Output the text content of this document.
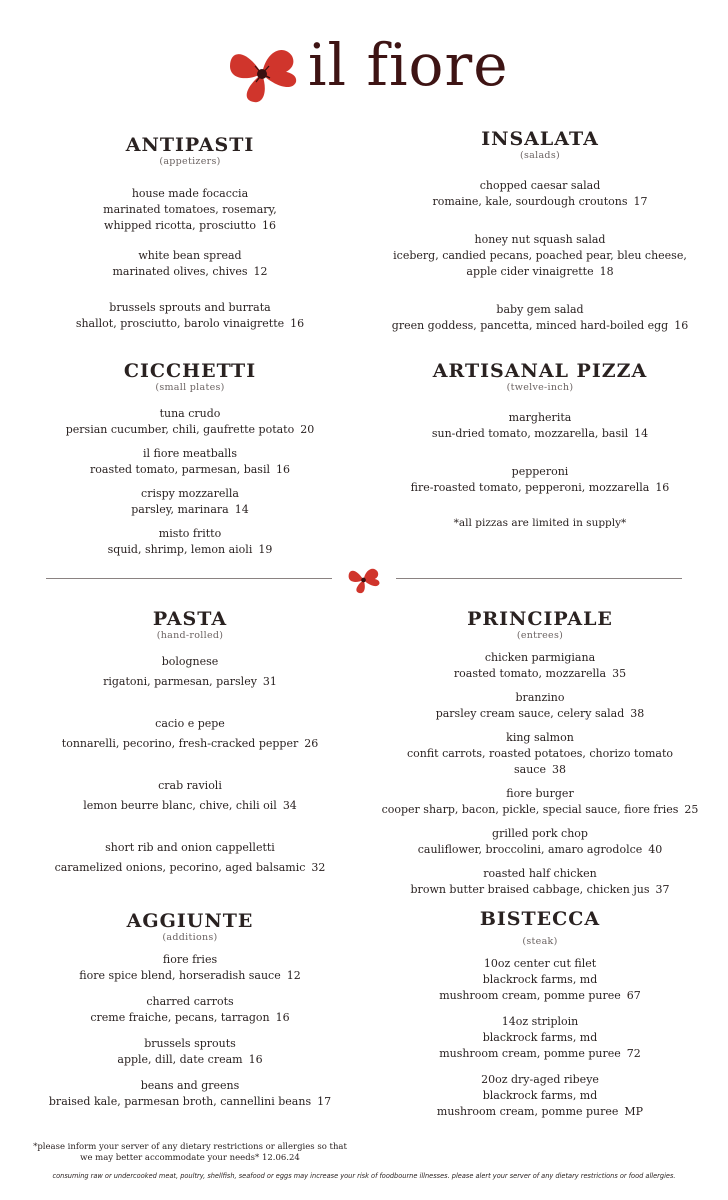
il fiore
ANTIPASTI
(appetizers)
house made focaccia
marinated tomatoes, rosemary,
whipped ricotta, prosciutto 16
white bean spread
marinated olives, chives 12
brussels sprouts and burrata
shallot, prosciutto, barolo vinaigrette 16
INSALATA
(salads)
chopped caesar salad
romaine, kale, sourdough croutons 17
honey nut squash salad
iceberg, candied pecans, poached pear, bleu cheese,
apple cider vinaigrette 18
baby gem salad
green goddess, pancetta, minced hard-boiled egg 16
CICCHETTI
(small plates)
tuna crudo
persian cucumber, chili, gaufrette potato 20
il fiore meatballs
roasted tomato, parmesan, basil 16
crispy mozzarella
parsley, marinara 14
misto fritto
squid, shrimp, lemon aioli 19
ARTISANAL PIZZA
(twelve-inch)
margherita
sun-dried tomato, mozzarella, basil 14
pepperoni
fire-roasted tomato, pepperoni, mozzarella 16
*all pizzas are limited in supply*
PASTA
(hand-rolled)
bolognese
rigatoni, parmesan, parsley 31
cacio e pepe
tonnarelli, pecorino, fresh-cracked pepper 26
crab ravioli
lemon beurre blanc, chive, chili oil 34
short rib and onion cappelletti
caramelized onions, pecorino, aged balsamic 32
PRINCIPALE
(entrees)
chicken parmigiana
roasted tomato, mozzarella 35
branzino
parsley cream sauce, celery salad 38
king salmon
confit carrots, roasted potatoes, chorizo tomato sauce 38
fiore burger
cooper sharp, bacon, pickle, special sauce, fiore fries 25
grilled pork chop
cauliflower, broccolini, amaro agrodolce 40
roasted half chicken
brown butter braised cabbage, chicken jus 37
AGGIUNTE
(additions)
fiore fries
fiore spice blend, horseradish sauce 12
charred carrots
creme fraiche, pecans, tarragon 16
brussels sprouts
apple, dill, date cream 16
beans and greens
braised kale, parmesan broth, cannellini beans 17
BISTECCA
(steak)
10oz center cut filet
blackrock farms, md
mushroom cream, pomme puree 67
14oz striploin
blackrock farms, md
mushroom cream, pomme puree 72
20oz dry-aged ribeye
blackrock farms, md
mushroom cream, pomme puree MP
*please inform your server of any dietary restrictions or allergies so that we may better accommodate your needs* 12.06.24
consuming raw or undercooked meat, poultry, shellfish, seafood or eggs may increase your risk of foodbourne illnesses. please alert your server of any dietary restrictions or food allergies.
